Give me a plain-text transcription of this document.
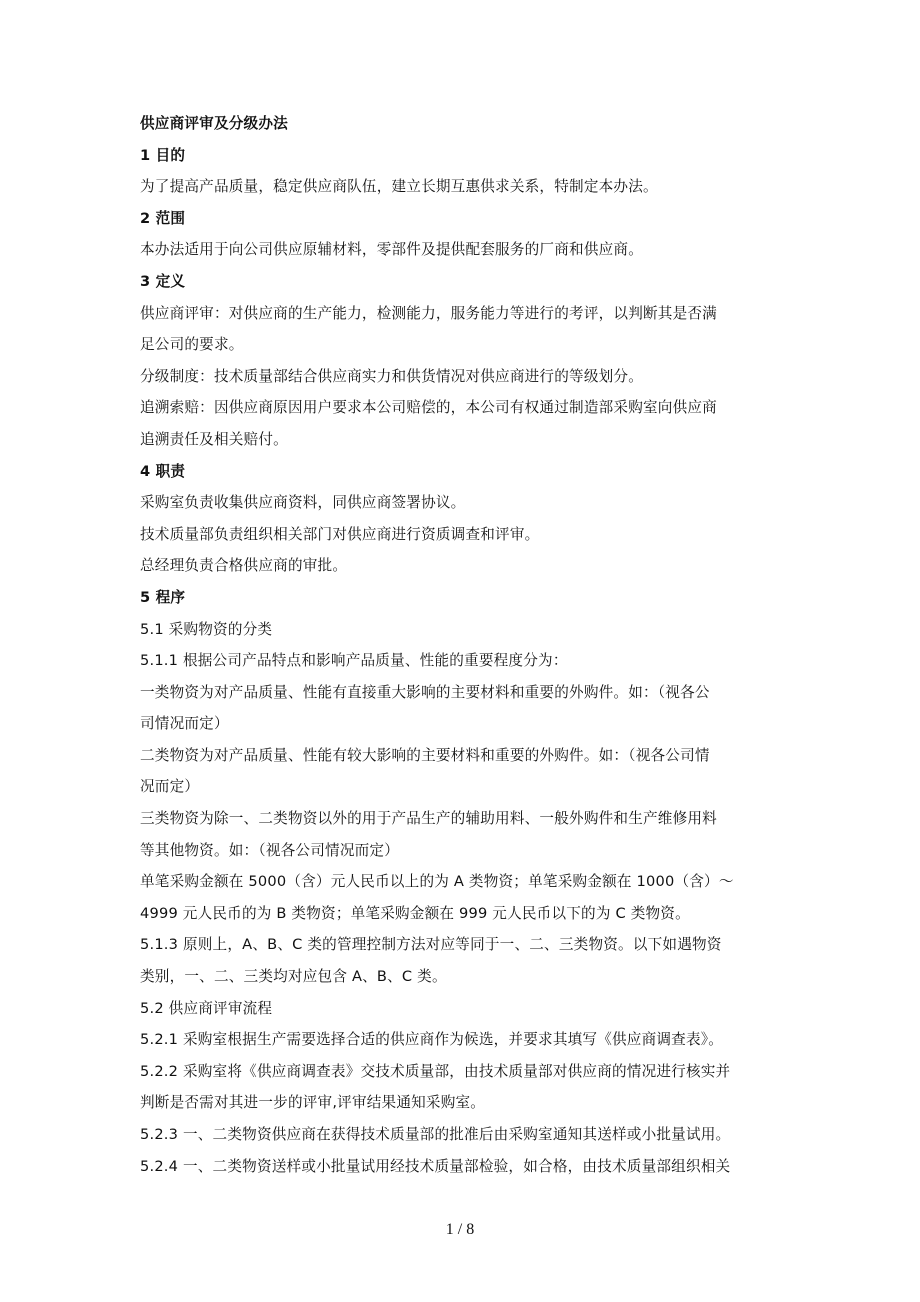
供应商评审及分级办法

1 目的

为了提高产品质量，稳定供应商队伍，建立长期互惠供求关系，特制定本办法。

2 范围

本办法适用于向公司供应原辅材料，零部件及提供配套服务的厂商和供应商。

3 定义

供应商评审：对供应商的生产能力，检测能力，服务能力等进行的考评，以判断其是否满

足公司的要求。

分级制度：技术质量部结合供应商实力和供货情况对供应商进行的等级划分。

追溯索赔：因供应商原因用户要求本公司赔偿的，本公司有权通过制造部采购室向供应商

追溯责任及相关赔付。

4 职责

采购室负责收集供应商资料，同供应商签署协议。

技术质量部负责组织相关部门对供应商进行资质调查和评审。

总经理负责合格供应商的审批。

5 程序

5.1 采购物资的分类

5.1.1 根据公司产品特点和影响产品质量、性能的重要程度分为：

一类物资为对产品质量、性能有直接重大影响的主要材料和重要的外购件。如：（视各公

司情况而定）

二类物资为对产品质量、性能有较大影响的主要材料和重要的外购件。如：（视各公司情

况而定）

三类物资为除一、二类物资以外的用于产品生产的辅助用料、一般外购件和生产维修用料

等其他物资。如：（视各公司情况而定）

单笔采购金额在 5000（含）元人民币以上的为 A 类物资；单笔采购金额在 1000（含）～

4999 元人民币的为 B 类物资；单笔采购金额在 999 元人民币以下的为 C 类物资。

5.1.3 原则上，A、B、C 类的管理控制方法对应等同于一、二、三类物资。以下如遇物资

类别，一、二、三类均对应包含 A、B、C 类。

5.2 供应商评审流程

5.2.1 采购室根据生产需要选择合适的供应商作为候选，并要求其填写《供应商调查表》。

5.2.2 采购室将《供应商调查表》交技术质量部，由技术质量部对供应商的情况进行核实并

判断是否需对其进一步的评审,评审结果通知采购室。

5.2.3 一、二类物资供应商在获得技术质量部的批准后由采购室通知其送样或小批量试用。

5.2.4 一、二类物资送样或小批量试用经技术质量部检验，如合格，由技术质量部组织相关

1 / 8
